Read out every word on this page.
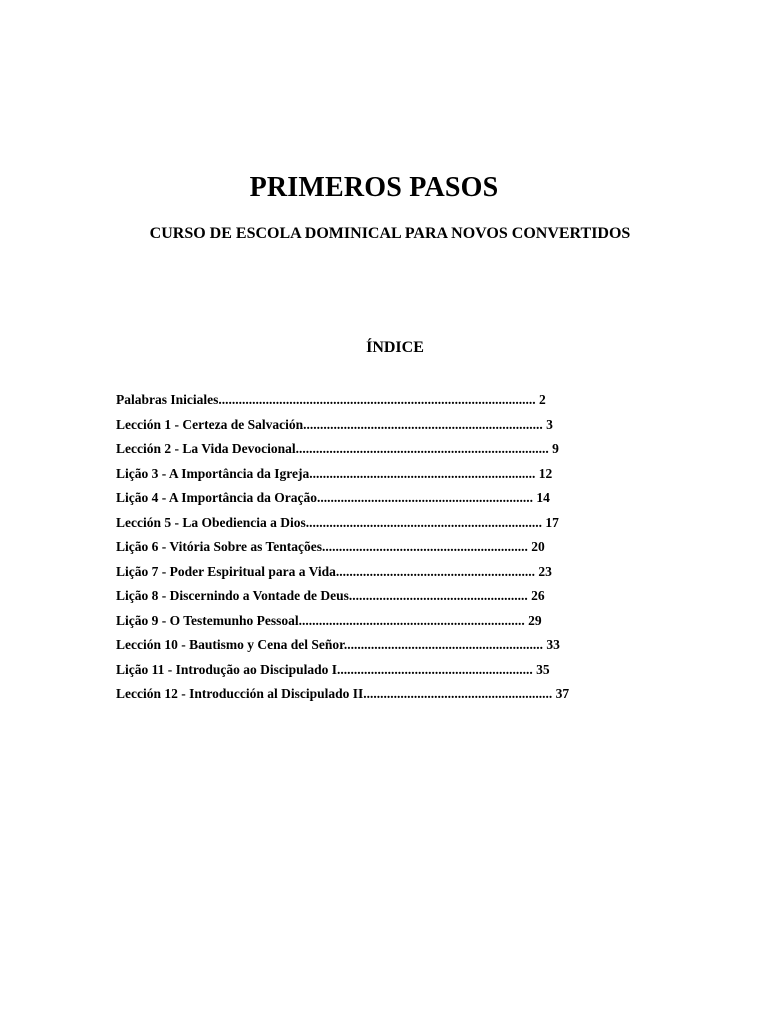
PRIMEROS PASOS
CURSO DE ESCOLA DOMINICAL PARA NOVOS CONVERTIDOS
ÍNDICE
Palabras Iniciales.............................................................................................. 2
Lección 1 - Certeza de Salvación....................................................................... 3
Lección 2 - La Vida Devocional........................................................................... 9
Lição 3 - A Importância da Igreja................................................................... 12
Lição 4 - A Importância da Oração................................................................ 14
Lección 5 - La Obediencia a Dios...................................................................... 17
Lição 6 - Vitória Sobre as Tentações............................................................. 20
Lição 7 - Poder Espiritual para a Vida........................................................... 23
Lição 8 - Discernindo a Vontade de Deus..................................................... 26
Lição 9 - O Testemunho Pessoal................................................................... 29
Lección 10 - Bautismo y Cena del Señor........................................................... 33
Lição 11 - Introdução ao Discipulado I.......................................................... 35
Lección 12 - Introducción al Discipulado II........................................................ 37
